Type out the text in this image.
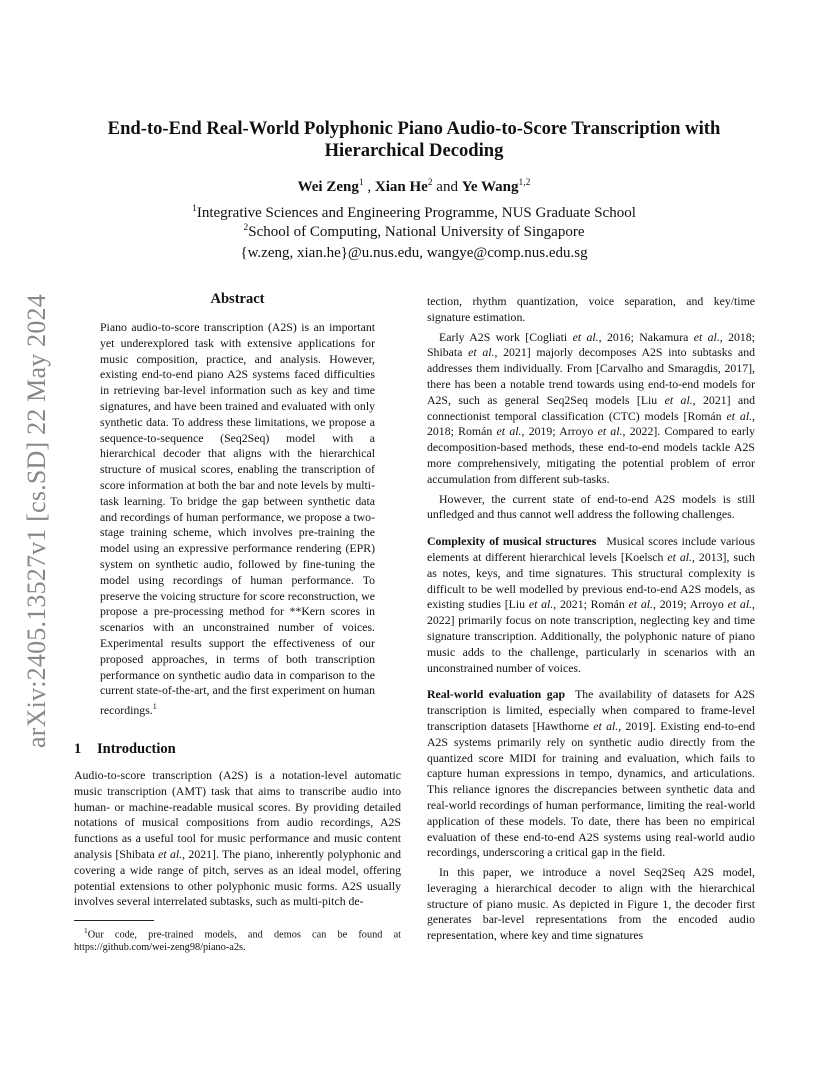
arXiv:2405.13527v1 [cs.SD] 22 May 2024
End-to-End Real-World Polyphonic Piano Audio-to-Score Transcription with
Hierarchical Decoding
Wei Zeng$^1$ , Xian He$^2$ and Ye Wang$^{1,2}$
$^1$Integrative Sciences and Engineering Programme, NUS Graduate School
$^2$School of Computing, National University of Singapore
{w.zeng, xian.he}@u.nus.edu, wangye@comp.nus.edu.sg
Abstract

Piano audio-to-score transcription (A2S) is an important yet underexplored task with extensive applications for music composition, practice, and analysis. However, existing end-to-end piano A2S systems faced difficulties in retrieving bar-level information such as key and time signatures, and have been trained and evaluated with only synthetic data. To address these limitations, we propose a sequence-to-sequence (Seq2Seq) model with a hierarchical decoder that aligns with the hierarchical structure of musical scores, enabling the transcription of score information at both the bar and note levels by multi-task learning. To bridge the gap between synthetic data and recordings of human performance, we propose a two-stage training scheme, which involves pre-training the model using an expressive performance rendering (EPR) system on synthetic audio, followed by fine-tuning the model using recordings of human performance. To preserve the voicing structure for score reconstruction, we propose a pre-processing method for **Kern scores in scenarios with an unconstrained number of voices. Experimental results support the effectiveness of our proposed approaches, in terms of both transcription performance on synthetic audio data in comparison to the current state-of-the-art, and the first experiment on human recordings.$^1$

1 Introduction

Audio-to-score transcription (A2S) is a notation-level automatic music transcription (AMT) task that aims to transcribe audio into human- or machine-readable musical scores. By providing detailed notations of musical compositions from audio recordings, A2S functions as a useful tool for music performance and music content analysis [Shibata et al., 2021]. The piano, inherently polyphonic and covering a wide range of pitch, serves as an ideal model, offering potential extensions to other polyphonic music forms. A2S usually involves several interrelated subtasks, such as multi-pitch de-

$^1$Our code, pre-trained models, and demos can be found at https://github.com/wei-zeng98/piano-a2s.

tection, rhythm quantization, voice separation, and key/time signature estimation.

Early A2S work [Cogliati et al., 2016; Nakamura et al., 2018; Shibata et al., 2021] majorly decomposes A2S into subtasks and addresses them individually. From [Carvalho and Smaragdis, 2017], there has been a notable trend towards using end-to-end models for A2S, such as general Seq2Seq models [Liu et al., 2021] and connectionist temporal classification (CTC) models [Román et al., 2018; Román et al., 2019; Arroyo et al., 2022]. Compared to early decomposition-based methods, these end-to-end models tackle A2S more comprehensively, mitigating the potential problem of error accumulation from different sub-tasks.

However, the current state of end-to-end A2S models is still unfledged and thus cannot well address the following challenges.

Complexity of musical structures Musical scores include various elements at different hierarchical levels [Koelsch et al., 2013], such as notes, keys, and time signatures. This structural complexity is difficult to be well modelled by previous end-to-end A2S models, as existing studies [Liu et al., 2021; Román et al., 2019; Arroyo et al., 2022] primarily focus on note transcription, neglecting key and time signature transcription. Additionally, the polyphonic nature of piano music adds to the challenge, particularly in scenarios with an unconstrained number of voices.

Real-world evaluation gap The availability of datasets for A2S transcription is limited, especially when compared to frame-level transcription datasets [Hawthorne et al., 2019]. Existing end-to-end A2S systems primarily rely on synthetic audio directly from the quantized score MIDI for training and evaluation, which fails to capture human expressions in tempo, dynamics, and articulations. This reliance ignores the discrepancies between synthetic data and real-world recordings of human performance, limiting the real-world application of these models. To date, there has been no empirical evaluation of these end-to-end A2S systems using real-world audio recordings, underscoring a critical gap in the field.

In this paper, we introduce a novel Seq2Seq A2S model, leveraging a hierarchical decoder to align with the hierarchical structure of piano music. As depicted in Figure 1, the decoder first generates bar-level representations from the encoded audio representation, where key and time signatures
